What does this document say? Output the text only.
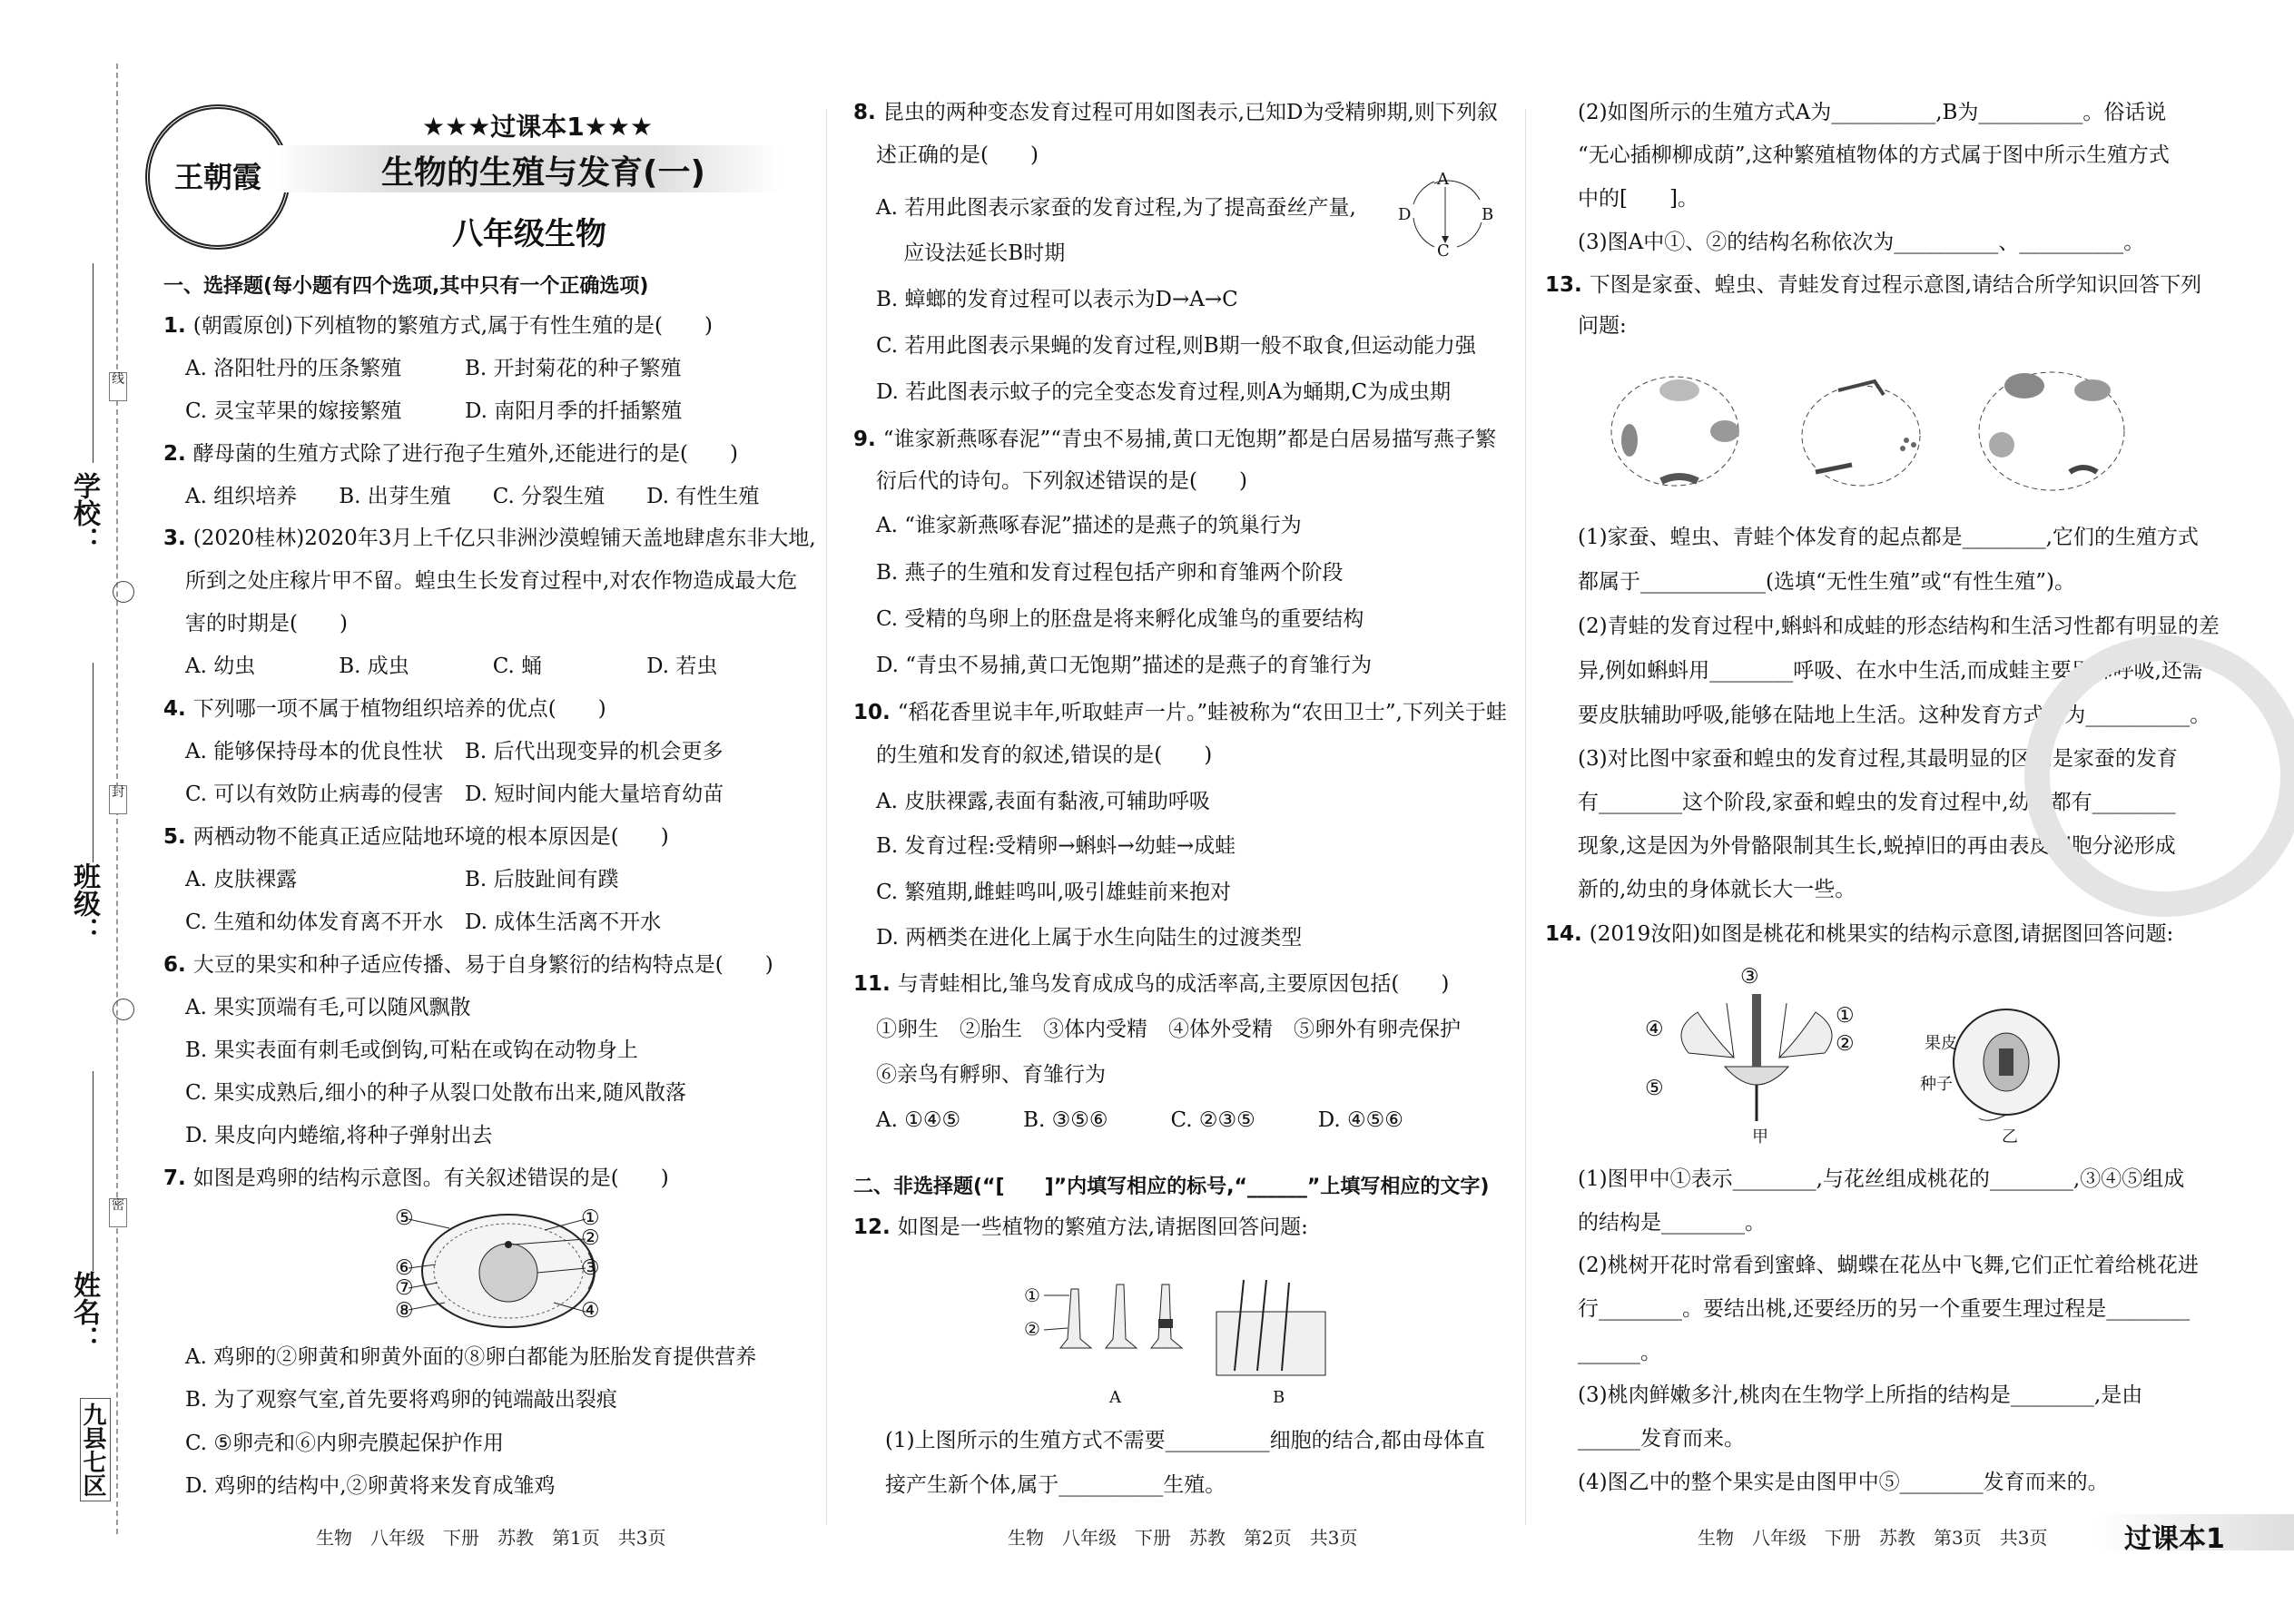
学校：
班级：
姓名：
线
封
密
九县七区
王朝霞
★★★过课本1★★★
生物的生殖与发育(一)
八年级生物
一、选择题(每小题有四个选项,其中只有一个正确选项)
1. (朝霞原创)下列植物的繁殖方式,属于有性生殖的是(　　)
A. 洛阳牡丹的压条繁殖	B. 开封菊花的种子繁殖
C. 灵宝苹果的嫁接繁殖	D. 南阳月季的扦插繁殖
2. 酵母菌的生殖方式除了进行孢子生殖外,还能进行的是(　　)
A. 组织培养　　B. 出芽生殖　　C. 分裂生殖　　D. 有性生殖
3. (2020桂林)2020年3月上千亿只非洲沙漠蝗铺天盖地肆虐东非大地,
所到之处庄稼片甲不留。蝗虫生长发育过程中,对农作物造成最大危
害的时期是(　　)
A. 幼虫　　　　B. 成虫　　　　C. 蛹　　　　　D. 若虫
4. 下列哪一项不属于植物组织培养的优点(　　)
A. 能够保持母本的优良性状 B. 后代出现变异的机会更多
C. 可以有效防止病毒的侵害 D. 短时间内能大量培育幼苗
5. 两栖动物不能真正适应陆地环境的根本原因是(　　)
A. 皮肤裸露	B. 后肢趾间有蹼
C. 生殖和幼体发育离不开水 D. 成体生活离不开水
6. 大豆的果实和种子适应传播、易于自身繁衍的结构特点是(　　)
A. 果实顶端有毛,可以随风飘散
B. 果实表面有刺毛或倒钩,可粘在或钩在动物身上
C. 果实成熟后,细小的种子从裂口处散布出来,随风散落
D. 果皮向内蜷缩,将种子弹射出去
7. 如图是鸡卵的结构示意图。有关叙述错误的是(　　)
⑤
⑥
⑦
⑧
①
②
③
④
A. 鸡卵的②卵黄和卵黄外面的⑧卵白都能为胚胎发育提供营养
B. 为了观察气室,首先要将鸡卵的钝端敲出裂痕
C. ⑤卵壳和⑥内卵壳膜起保护作用
D. 鸡卵的结构中,②卵黄将来发育成雏鸡
8. 昆虫的两种变态发育过程可用如图表示,已知D为受精卵期,则下列叙
述正确的是(　　)
A. 若用此图表示家蚕的发育过程,为了提高蚕丝产量,
　 应设法延长B时期
B. 蟑螂的发育过程可以表示为D→A→C
C. 若用此图表示果蝇的发育过程,则B期一般不取食,但运动能力强
D. 若此图表示蚊子的完全变态发育过程,则A为蛹期,C为成虫期
9. “谁家新燕啄春泥”“青虫不易捕,黄口无饱期”都是白居易描写燕子繁
衍后代的诗句。下列叙述错误的是(　　)
A. “谁家新燕啄春泥”描述的是燕子的筑巢行为
B. 燕子的生殖和发育过程包括产卵和育雏两个阶段
C. 受精的鸟卵上的胚盘是将来孵化成雏鸟的重要结构
D. “青虫不易捕,黄口无饱期”描述的是燕子的育雏行为
10. “稻花香里说丰年,听取蛙声一片。”蛙被称为“农田卫士”,下列关于蛙
的生殖和发育的叙述,错误的是(　　)
A. 皮肤裸露,表面有黏液,可辅助呼吸
B. 发育过程:受精卵→蝌蚪→幼蛙→成蛙
C. 繁殖期,雌蛙鸣叫,吸引雄蛙前来抱对
D. 两栖类在进化上属于水生向陆生的过渡类型
11. 与青蛙相比,雏鸟发育成成鸟的成活率高,主要原因包括(　　)
①卵生　②胎生　③体内受精　④体外受精　⑤卵外有卵壳保护
⑥亲鸟有孵卵、育雏行为
A. ①④⑤　　　B. ③⑤⑥　　　C. ②③⑤　　　D. ④⑤⑥
A
B
C
D
二、非选择题(“[　　]”内填写相应的标号,“______”上填写相应的文字)
12. 如图是一些植物的繁殖方法,请据图回答问题:
①
②
A	B
(1)上图所示的生殖方式不需要__________细胞的结合,都由母体直
接产生新个体,属于__________生殖。
(2)如图所示的生殖方式A为__________,B为__________。俗话说
“无心插柳柳成荫”,这种繁殖植物体的方式属于图中所示生殖方式
中的[　　]。
(3)图A中①、②的结构名称依次为__________、__________。
13. 下图是家蚕、蝗虫、青蛙发育过程示意图,请结合所学知识回答下列
问题:
(1)家蚕、蝗虫、青蛙个体发育的起点都是________,它们的生殖方式
都属于____________(选填“无性生殖”或“有性生殖”)。
(2)青蛙的发育过程中,蝌蚪和成蛙的形态结构和生活习性都有明显的差
异,例如蝌蚪用________呼吸、在水中生活,而成蛙主要用肺呼吸,还需
要皮肤辅助呼吸,能够在陆地上生活。这种发育方式称为__________。
(3)对比图中家蚕和蝗虫的发育过程,其最明显的区别是家蚕的发育
有________这个阶段,家蚕和蝗虫的发育过程中,幼虫都有________
现象,这是因为外骨骼限制其生长,蜕掉旧的再由表皮细胞分泌形成
新的,幼虫的身体就长大一些。
14. (2019汝阳)如图是桃花和桃果实的结构示意图,请据图回答问题:
③
④
①
②
⑤
果皮
种子
甲	乙
(1)图甲中①表示________,与花丝组成桃花的________,③④⑤组成
的结构是________。
(2)桃树开花时常看到蜜蜂、蝴蝶在花丛中飞舞,它们正忙着给桃花进
行________。要结出桃,还要经历的另一个重要生理过程是________
______。
(3)桃肉鲜嫩多汁,桃肉在生物学上所指的结构是________,是由
______发育而来。
(4)图乙中的整个果实是由图甲中⑤________发育而来的。
生物　八年级　下册　苏教　第1页　共3页	生物　八年级　下册　苏教　第2页　共3页	生物　八年级　下册　苏教　第3页　共3页	过课本1
